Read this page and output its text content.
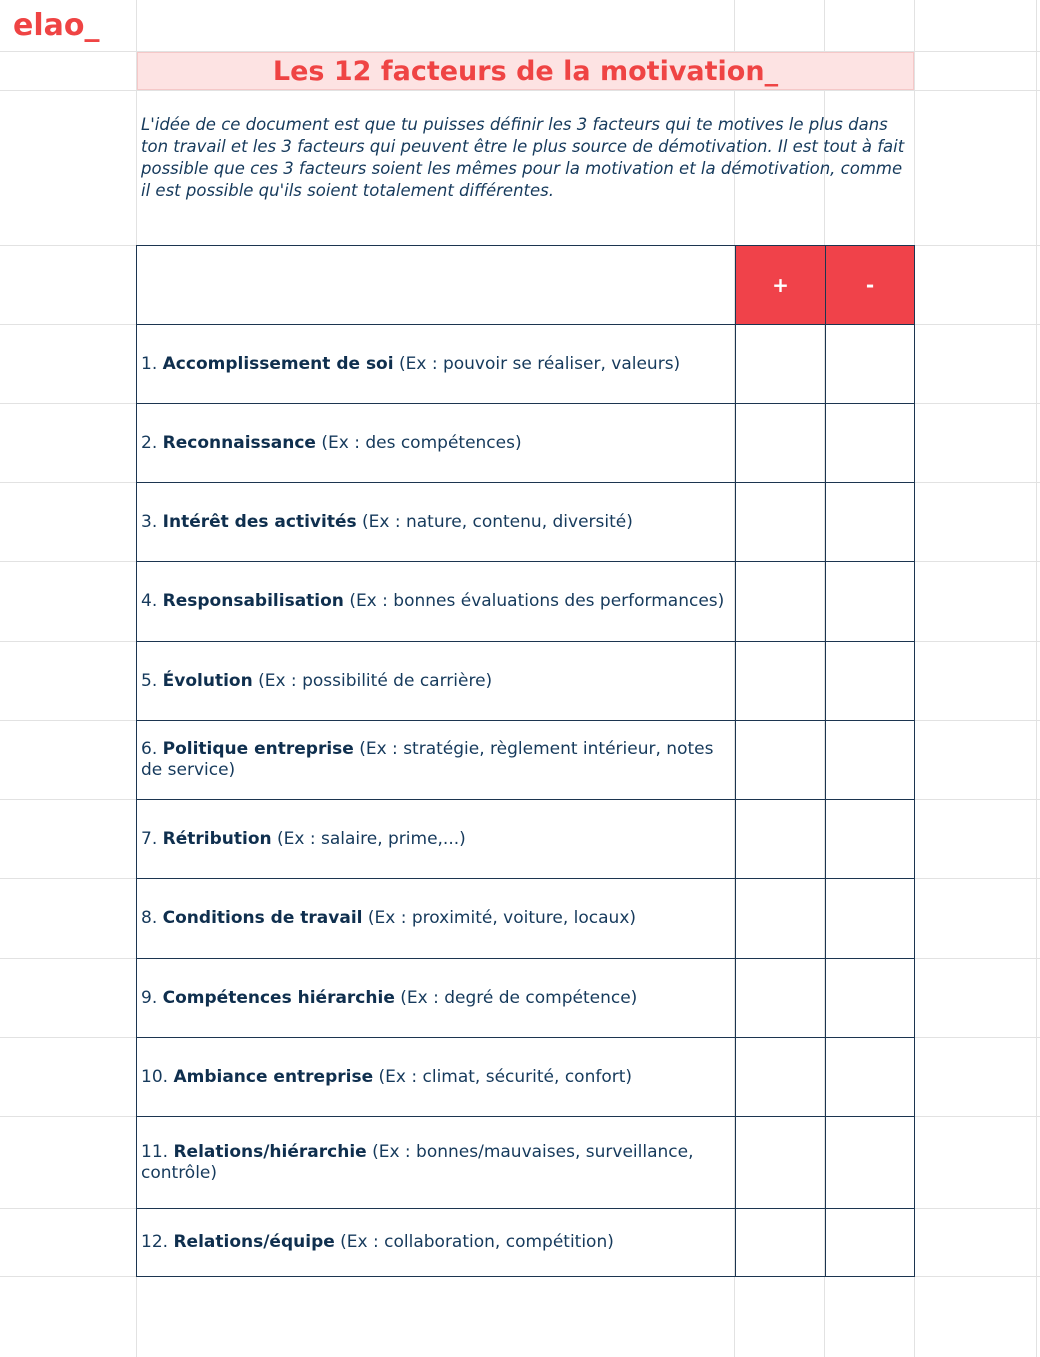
elao_
Les 12 facteurs de la motivation_

L'idée de ce document est que tu puisses définir les 3 facteurs qui te motives le plus dans ton travail et les 3 facteurs qui peuvent être le plus source de démotivation. Il est tout à fait possible que ces 3 facteurs soient les mêmes pour la motivation et la démotivation, comme il est possible qu'ils soient totalement différentes.

	+	-
1. Accomplissement de soi (Ex : pouvoir se réaliser, valeurs)		
2. Reconnaissance (Ex : des compétences)		
3. Intérêt des activités (Ex : nature, contenu, diversité)		
4. Responsabilisation (Ex : bonnes évaluations des performances)		
5. Évolution (Ex : possibilité de carrière)		
6. Politique entreprise (Ex : stratégie, règlement intérieur, notes de service)		
7. Rétribution (Ex : salaire, prime,...)		
8. Conditions de travail (Ex : proximité, voiture, locaux)		
9. Compétences hiérarchie (Ex : degré de compétence)		
10. Ambiance entreprise (Ex : climat, sécurité, confort)		
11. Relations/hiérarchie (Ex : bonnes/mauvaises, surveillance, contrôle)		
12. Relations/équipe (Ex : collaboration, compétition)		
